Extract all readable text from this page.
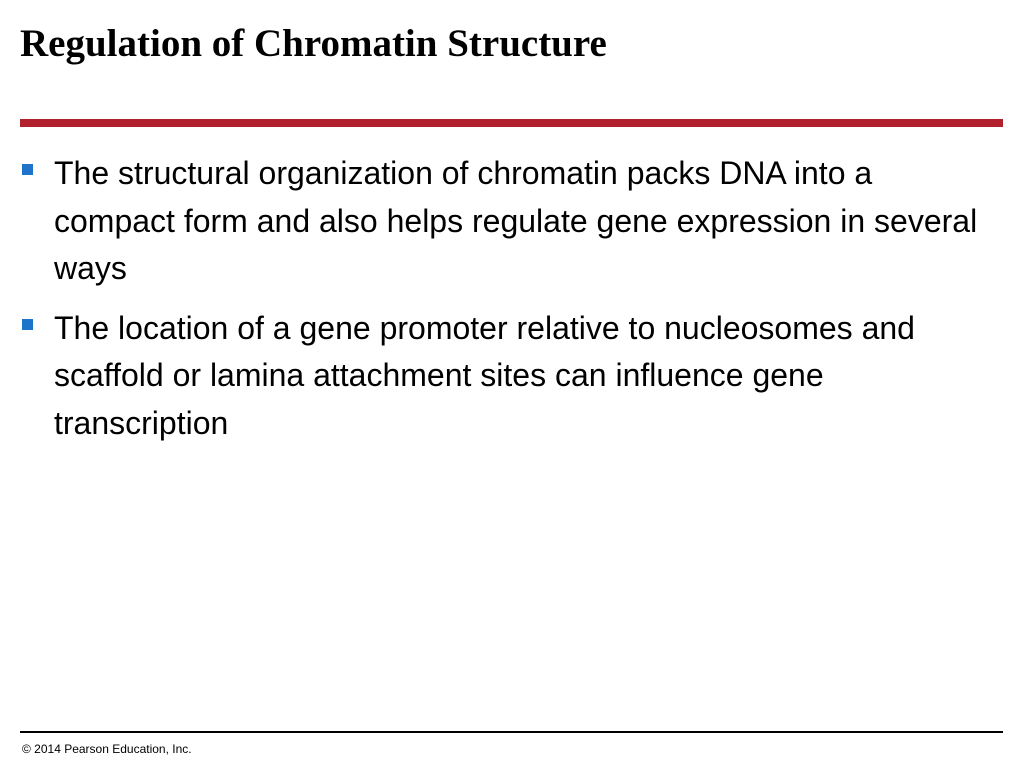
Regulation of Chromatin Structure
The structural organization of chromatin packs DNA into a compact form and also helps regulate gene expression in several ways
The location of a gene promoter relative to nucleosomes and scaffold or lamina attachment sites can influence gene transcription
© 2014 Pearson Education, Inc.
